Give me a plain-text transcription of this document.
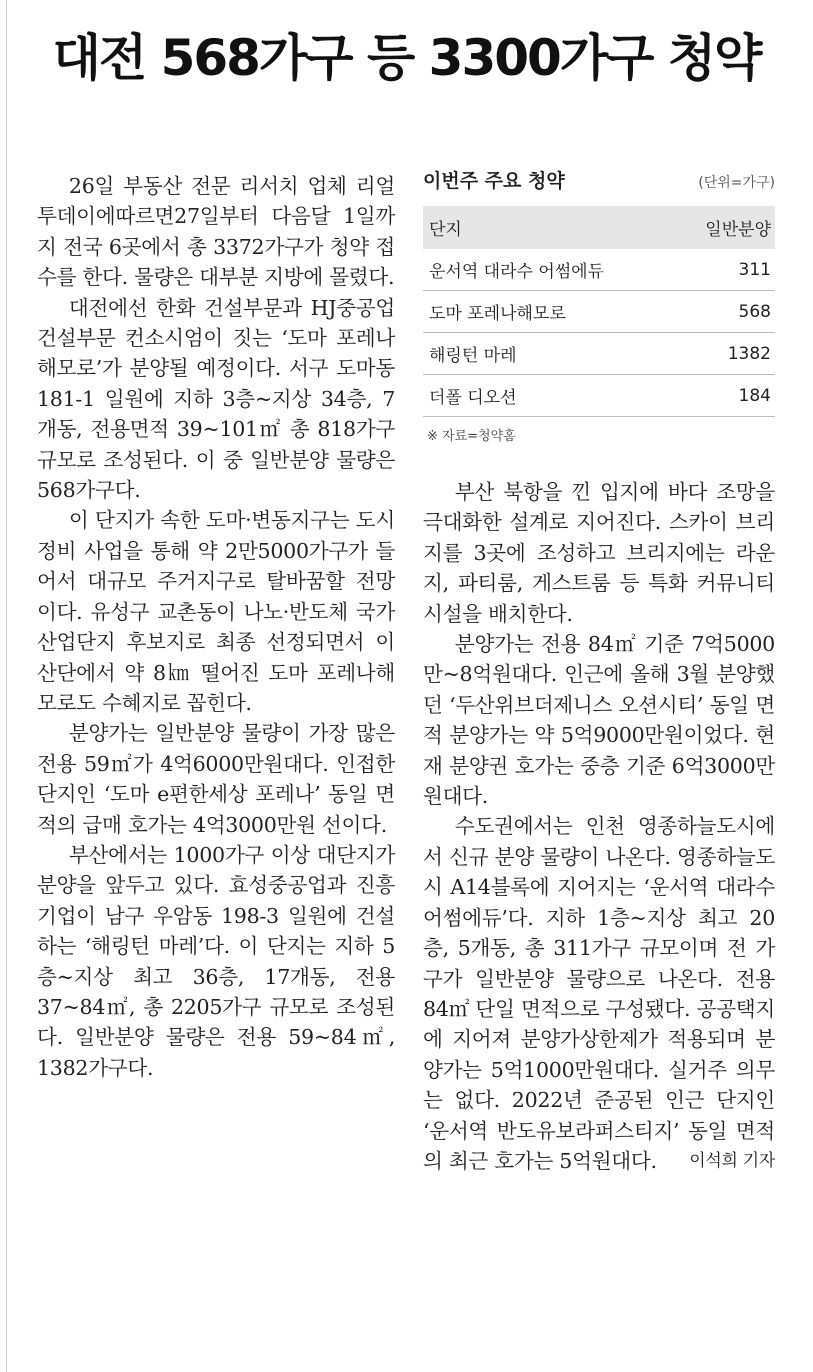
대전 568가구 등 3300가구 청약

26일 부동산 전문 리서치 업체 리얼투데이에따르면27일부터 다음달 1일까지 전국 6곳에서 총 3372가구가 청약 접수를 한다. 물량은 대부분 지방에 몰렸다.

대전에선 한화 건설부문과 HJ중공업 건설부문 컨소시엄이 짓는 ‘도마 포레나해모로’가 분양될 예정이다. 서구 도마동 181-1 일원에 지하 3층~지상 34층, 7개동, 전용면적 39~101㎡ 총 818가구 규모로 조성된다. 이 중 일반분양 물량은 568가구다.

이 단지가 속한 도마·변동지구는 도시정비 사업을 통해 약 2만5000가구가 들어서 대규모 주거지구로 탈바꿈할 전망이다. 유성구 교촌동이 나노·반도체 국가산업단지 후보지로 최종 선정되면서 이 산단에서 약 8㎞ 떨어진 도마 포레나해모로도 수혜지로 꼽힌다.

분양가는 일반분양 물량이 가장 많은 전용 59㎡가 4억6000만원대다. 인접한 단지인 ‘도마 e편한세상 포레나’ 동일 면적의 급매 호가는 4억3000만원 선이다.

부산에서는 1000가구 이상 대단지가 분양을 앞두고 있다. 효성중공업과 진흥기업이 남구 우암동 198-3 일원에 건설하는 ‘해링턴 마레’다. 이 단지는 지하 5층~지상 최고 36층, 17개동, 전용 37~84㎡, 총 2205가구 규모로 조성된다. 일반분양 물량은 전용 59~84㎡, 1382가구다.

이번주 주요 청약	(단위=가구)
단지	일반분양
운서역 대라수 어썸에듀	311
도마 포레나해모로	568
해링턴 마레	1382
더폴 디오션	184
※ 자료=청약홈

부산 북항을 낀 입지에 바다 조망을 극대화한 설계로 지어진다. 스카이 브리지를 3곳에 조성하고 브리지에는 라운지, 파티룸, 게스트룸 등 특화 커뮤니티 시설을 배치한다.

분양가는 전용 84㎡ 기준 7억5000만~8억원대다. 인근에 올해 3월 분양했던 ‘두산위브더제니스 오션시티’ 동일 면적 분양가는 약 5억9000만원이었다. 현재 분양권 호가는 중층 기준 6억3000만원대다.

수도권에서는 인천 영종하늘도시에서 신규 분양 물량이 나온다. 영종하늘도시 A14블록에 지어지는 ‘운서역 대라수 어썸에듀’다. 지하 1층~지상 최고 20층, 5개동, 총 311가구 규모이며 전 가구가 일반분양 물량으로 나온다. 전용 84㎡ 단일 면적으로 구성됐다. 공공택지에 지어져 분양가상한제가 적용되며 분양가는 5억1000만원대다. 실거주 의무는 없다. 2022년 준공된 인근 단지인 ‘운서역 반도유보라퍼스티지’ 동일 면적의 최근 호가는 5억원대다.	이석희 기자
